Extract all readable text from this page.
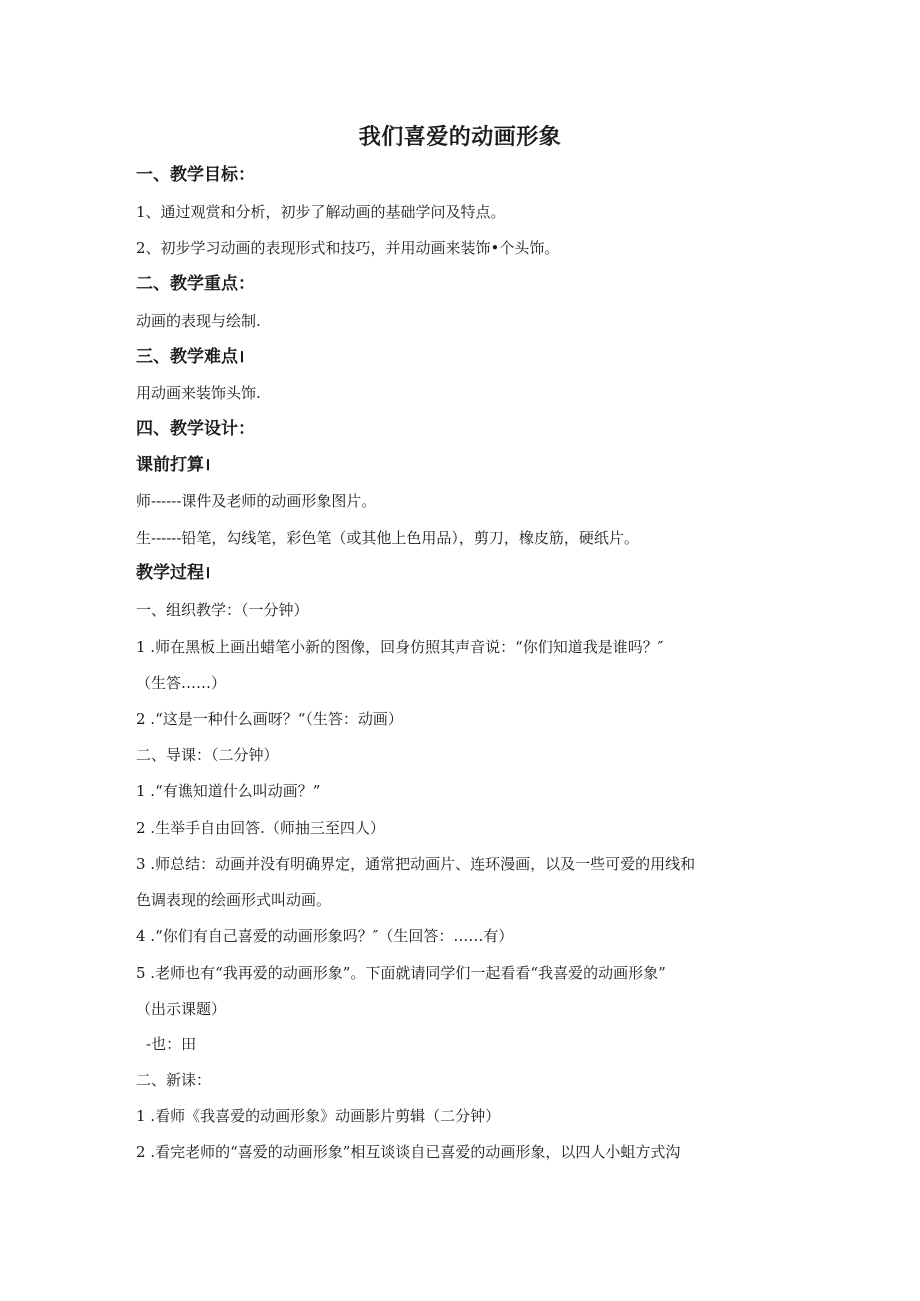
我们喜爱的动画形象
一、教学目标：
1、通过观赏和分析，初步了解动画的基础学问及特点。
2、初步学习动画的表现形式和技巧，并用动画来装饰•个头饰。
二、教学重点：
动画的表现与绘制.
三、教学难点।
用动画来装饰头饰.
四、教学设计：
课前打算।
师------课件及老师的动画形象图片。
生------铅笔，勾线笔，彩色笔（或其他上色用品），剪刀，橡皮筋，硬纸片。
教学过程।
一、组织教学：（一分钟）
1 .师在黑板上画出蜡笔小新的图像，回身仿照其声音说：“你们知道我是谁吗？″
（生答……）
2 .“这是一种什么画呀？“（生答：动画）
二、导课：（二分钟）
1 .“有谯知道什么叫动画？”
2 .生举手自由回答.（师抽三至四人）
3 .师总结：动画并没有明确界定，通常把动画片、连环漫画，以及一些可爱的用线和
色调表现的绘画形式叫动画。
4 .“你们有自己喜爱的动画形象吗？″（生回答：……有）
5 .老师也有“我再爱的动画形象”。下面就请同学们一起看看“我喜爱的动画形象”
（出示课题）
-也：田
二、新诔：
1 .看师《我喜爱的动画形象》动画影片剪辑（二分钟）
2 .看完老师的“喜爱的动画形象”相互谈谈自已喜爱的动画形象，以四人小蛆方式沟
